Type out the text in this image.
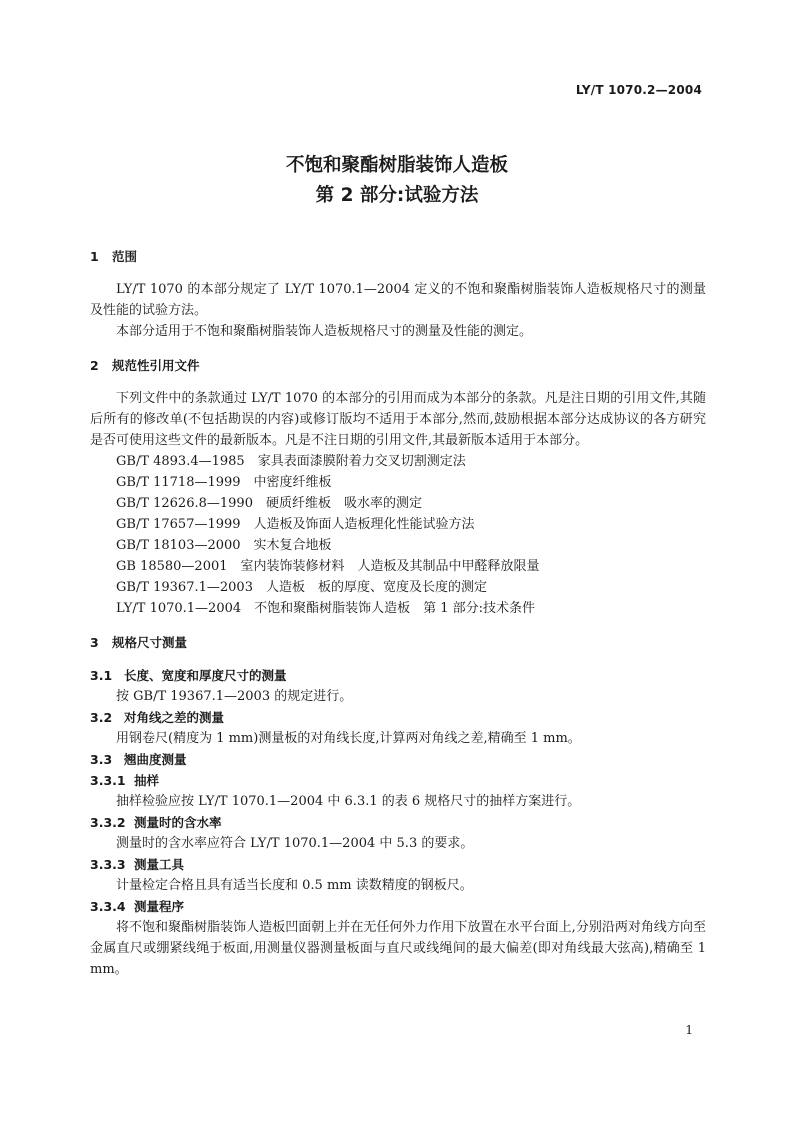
LY/T 1070.2—2004
不饱和聚酯树脂装饰人造板
第 2 部分:试验方法
1 范围
LY/T 1070 的本部分规定了 LY/T 1070.1—2004 定义的不饱和聚酯树脂装饰人造板规格尺寸的测量及性能的试验方法。
本部分适用于不饱和聚酯树脂装饰人造板规格尺寸的测量及性能的测定。
2 规范性引用文件
下列文件中的条款通过 LY/T 1070 的本部分的引用而成为本部分的条款。凡是注日期的引用文件,其随后所有的修改单(不包括勘误的内容)或修订版均不适用于本部分,然而,鼓励根据本部分达成协议的各方研究是否可使用这些文件的最新版本。凡是不注日期的引用文件,其最新版本适用于本部分。
GB/T 4893.4—1985　家具表面漆膜附着力交叉切割测定法
GB/T 11718—1999　中密度纤维板
GB/T 12626.8—1990　硬质纤维板　吸水率的测定
GB/T 17657—1999　人造板及饰面人造板理化性能试验方法
GB/T 18103—2000　实木复合地板
GB 18580—2001　室内装饰装修材料　人造板及其制品中甲醛释放限量
GB/T 19367.1—2003　人造板　板的厚度、宽度及长度的测定
LY/T 1070.1—2004　不饱和聚酯树脂装饰人造板　第 1 部分:技术条件
3 规格尺寸测量
3.1 长度、宽度和厚度尺寸的测量
按 GB/T 19367.1—2003 的规定进行。
3.2 对角线之差的测量
用钢卷尺(精度为 1 mm)测量板的对角线长度,计算两对角线之差,精确至 1 mm。
3.3 翘曲度测量
3.3.1 抽样
抽样检验应按 LY/T 1070.1—2004 中 6.3.1 的表 6 规格尺寸的抽样方案进行。
3.3.2 测量时的含水率
测量时的含水率应符合 LY/T 1070.1—2004 中 5.3 的要求。
3.3.3 测量工具
计量检定合格且具有适当长度和 0.5 mm 读数精度的钢板尺。
3.3.4 测量程序
将不饱和聚酯树脂装饰人造板凹面朝上并在无任何外力作用下放置在水平台面上,分别沿两对角线方向至金属直尺或绷紧线绳于板面,用测量仪器测量板面与直尺或线绳间的最大偏差(即对角线最大弦高),精确至 1 mm。
1
